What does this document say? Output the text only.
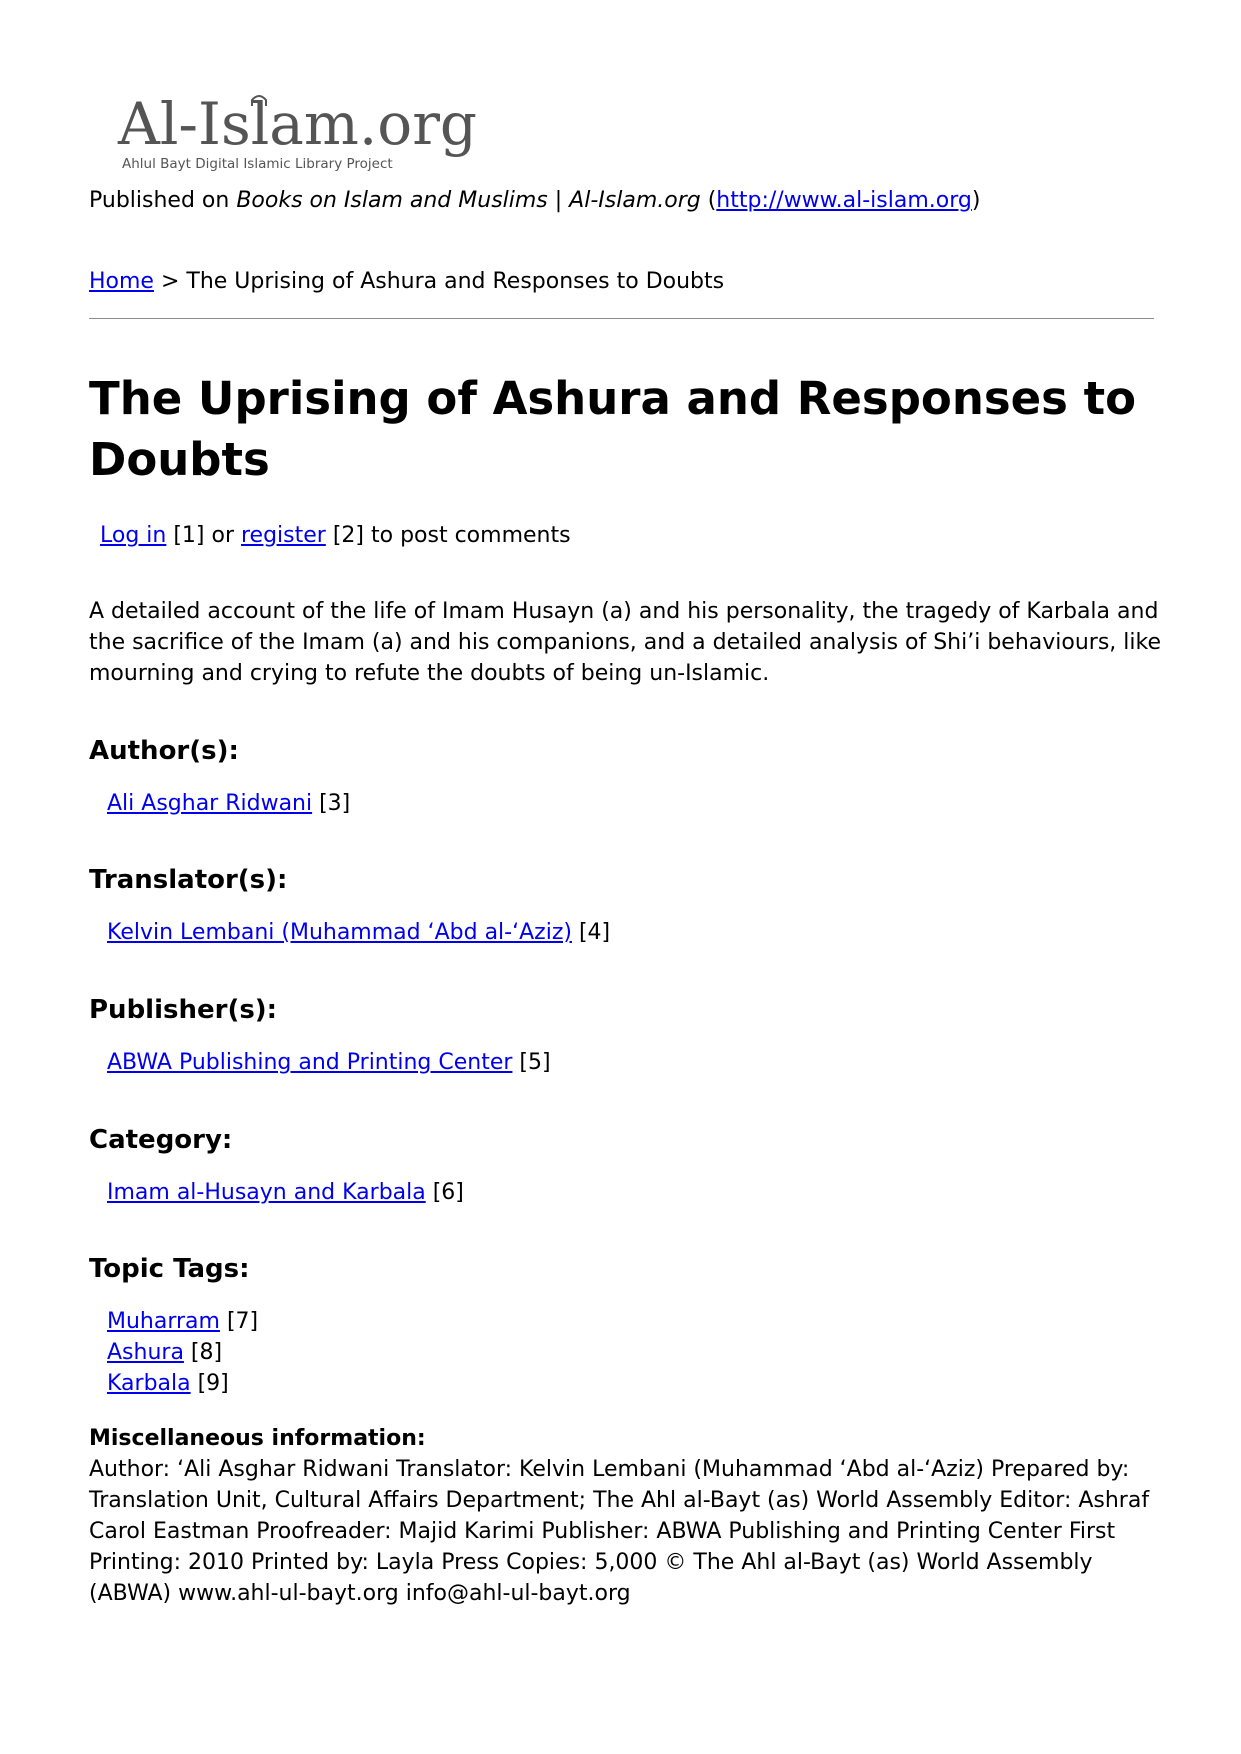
Al-Islam.org
Ahlul Bayt Digital Islamic Library Project
Published on Books on Islam and Muslims | Al-Islam.org (http://www.al-islam.org)
Home > The Uprising of Ashura and Responses to Doubts
The Uprising of Ashura and Responses to Doubts
Log in [1] or register [2] to post comments

A detailed account of the life of Imam Husayn (a) and his personality, the tragedy of Karbala and the sacrifice of the Imam (a) and his companions, and a detailed analysis of Shi’i behaviours, like mourning and crying to refute the doubts of being un-Islamic.

Author(s):
Ali Asghar Ridwani [3]
Translator(s):
Kelvin Lembani (Muhammad ‘Abd al-‘Aziz) [4]
Publisher(s):
ABWA Publishing and Printing Center [5]
Category:
Imam al-Husayn and Karbala [6]
Topic Tags:
Muharram [7]
Ashura [8]
Karbala [9]
Miscellaneous information:

Author: ‘Ali Asghar Ridwani Translator: Kelvin Lembani (Muhammad ‘Abd al-‘Aziz) Prepared by: Translation Unit, Cultural Affairs Department; The Ahl al-Bayt (as) World Assembly Editor: Ashraf Carol Eastman Proofreader: Majid Karimi Publisher: ABWA Publishing and Printing Center First Printing: 2010 Printed by: Layla Press Copies: 5,000 © The Ahl al-Bayt (as) World Assembly (ABWA) www.ahl-ul-bayt.org info@ahl-ul-bayt.org
